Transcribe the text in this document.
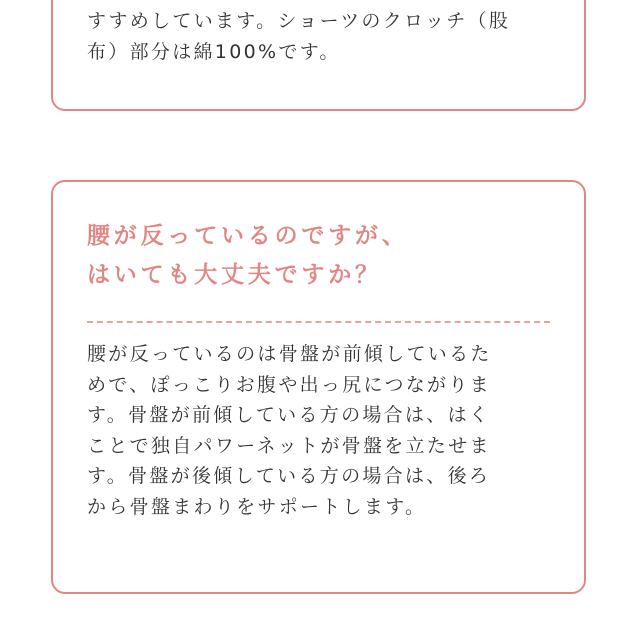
すすめしています。ショーツのクロッチ（股
布）部分は綿100%です。

腰が反っているのですが、
はいても大丈夫ですか？

腰が反っているのは骨盤が前傾しているた
めで、ぽっこりお腹や出っ尻につながりま
す。骨盤が前傾している方の場合は、はく
ことで独自パワーネットが骨盤を立たせま
す。骨盤が後傾している方の場合は、後ろ
から骨盤まわりをサポートします。
